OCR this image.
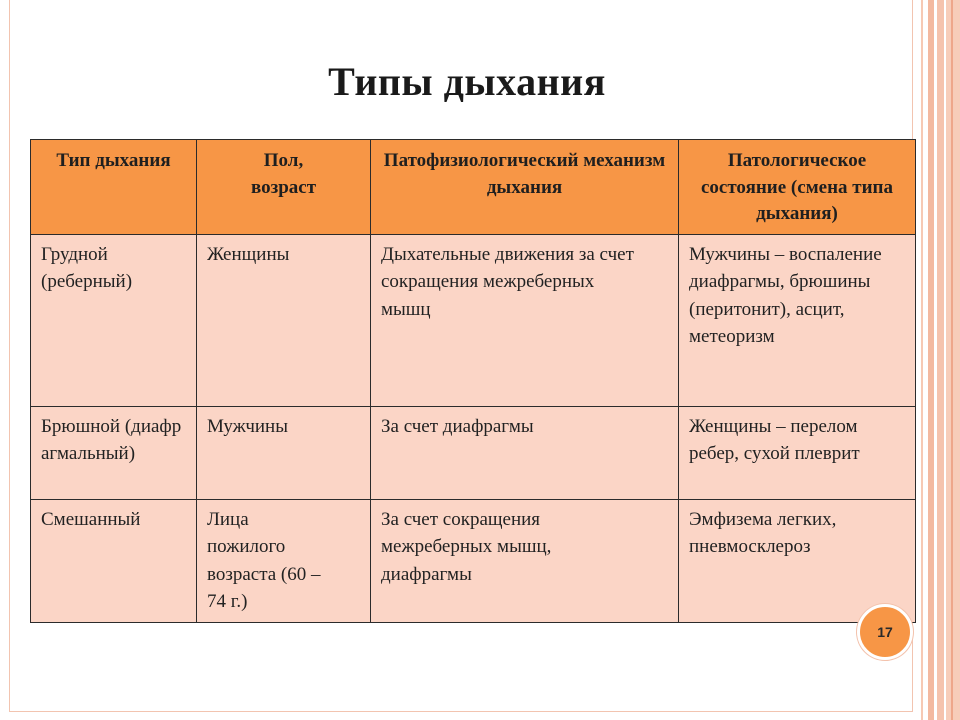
Типы дыхания
Тип дыхания	Пол, возраст	Патофизиологический механизм дыхания	Патологическое состояние (смена типа дыхания)
Грудной (реберный)	Женщины	Дыхательные движения за счет сокращения межреберных мышц	Мужчины – воспаление диафрагмы, брюшины (перитонит), асцит, метеоризм
Брюшной (диафрагмальный)	Мужчины	За счет диафрагмы	Женщины – перелом ребер, сухой плеврит
Смешанный	Лица пожилого возраста (60 – 74 г.)	За счет сокращения межреберных мышц, диафрагмы	Эмфизема легких, пневмосклероз
17
